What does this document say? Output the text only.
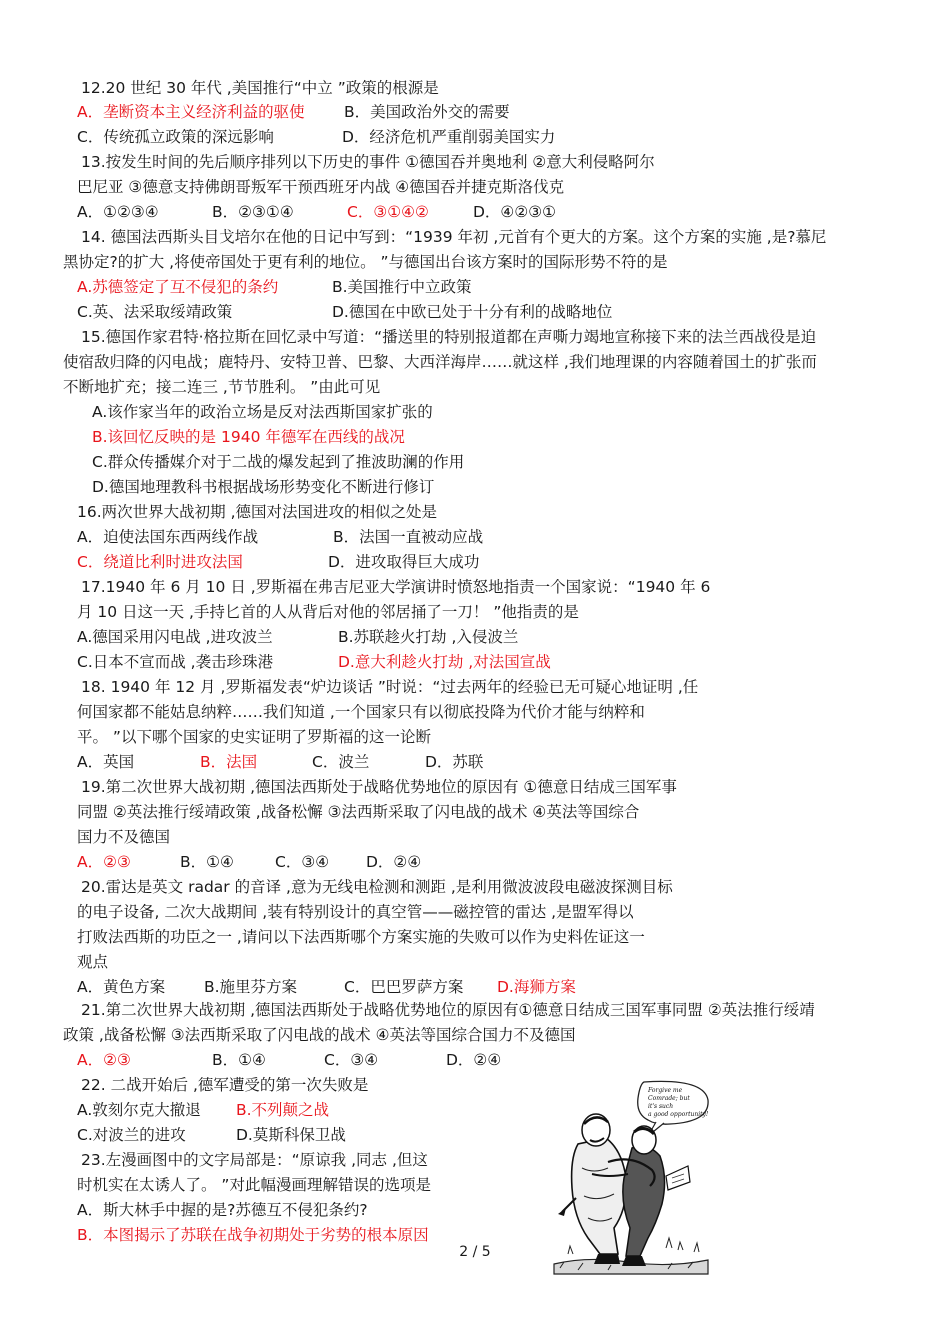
12.20 世纪 30 年代 ,美国推行“中立 ”政策的根源是
A．垄断资本主义经济利益的驱使	B．美国政治外交的需要
C．传统孤立政策的深远影响	D．经济危机严重削弱美国实力
13.按发生时间的先后顺序排列以下历史的事件 ①德国吞并奥地利 ②意大利侵略阿尔
巴尼亚 ③德意支持佛朗哥叛军干预西班牙内战 ④德国吞并捷克斯洛伐克
A．①②③④	B．②③①④	C．③①④②	D．④②③①
14. 德国法西斯头目戈培尔在他的日记中写到：“1939 年初 ,元首有个更大的方案。这个方案的实施 ,是?慕尼
黑协定?的扩大 ,将使帝国处于更有利的地位。 ”与德国出台该方案时的国际形势不符的是
A.苏德签定了互不侵犯的条约	B.美国推行中立政策
C.英、法采取绥靖政策	D.德国在中欧已处于十分有利的战略地位
15.德国作家君特·格拉斯在回忆录中写道：“播送里的特别报道都在声嘶力竭地宣称接下来的法兰西战役是迫
使宿敌归降的闪电战；鹿特丹、安特卫普、巴黎、大西洋海岸……就这样 ,我们地理课的内容随着国土的扩张而
不断地扩充；接二连三 ,节节胜利。 ”由此可见
A.该作家当年的政治立场是反对法西斯国家扩张的
B.该回忆反映的是 1940 年德军在西线的战况
C.群众传播媒介对于二战的爆发起到了推波助澜的作用
D.德国地理教科书根据战场形势变化不断进行修订
16.两次世界大战初期 ,德国对法国进攻的相似之处是
A．迫使法国东西两线作战	B．法国一直被动应战
C．绕道比利时进攻法国	D．进攻取得巨大成功
17.1940 年 6 月 10 日 ,罗斯福在弗吉尼亚大学演讲时愤怒地指责一个国家说：“1940 年 6
月 10 日这一天 ,手持匕首的人从背后对他的邻居捅了一刀！ ”他指责的是
A.德国采用闪电战 ,进攻波兰	B.苏联趁火打劫 ,入侵波兰
C.日本不宣而战 ,袭击珍珠港	D.意大利趁火打劫 ,对法国宣战
18. 1940 年 12 月 ,罗斯福发表“炉边谈话 ”时说：“过去两年的经验已无可疑心地证明 ,任
何国家都不能姑息纳粹……我们知道 ,一个国家只有以彻底投降为代价才能与纳粹和
平。 ”以下哪个国家的史实证明了罗斯福的这一论断
A．英国	B．法国	C．波兰	D．苏联
19.第二次世界大战初期 ,德国法西斯处于战略优势地位的原因有 ①德意日结成三国军事
同盟 ②英法推行绥靖政策 ,战备松懈 ③法西斯采取了闪电战的战术 ④英法等国综合
国力不及德国
A．②③	B．①④	C．③④ D．②④
20.雷达是英文 radar 的音译 ,意为无线电检测和测距 ,是利用微波波段电磁波探测目标
的电子设备, 二次大战期间 ,装有特别设计的真空管——磁控管的雷达 ,是盟军得以
打败法西斯的功臣之一 ,请问以下法西斯哪个方案实施的失败可以作为史料佐证这一
观点
A．黄色方案	B.施里芬方案	C．巴巴罗萨方案 D.海狮方案
21.第二次世界大战初期 ,德国法西斯处于战略优势地位的原因有①德意日结成三国军事同盟 ②英法推行绥靖
政策 ,战备松懈 ③法西斯采取了闪电战的战术 ④英法等国综合国力不及德国
A．②③	B．①④	C．③④	D．②④
22. 二战开始后 ,德军遭受的第一次失败是
A.敦刻尔克大撤退 B.不列颠之战
C.对波兰的进攻	D.莫斯科保卫战
23.左漫画图中的文字局部是：“原谅我 ,同志 ,但这
时机实在太诱人了。 ”对此幅漫画理解错误的选项是
A．斯大林手中握的是?苏德互不侵犯条约?
B．本图揭示了苏联在战争初期处于劣势的根本原因
Forgive me
Comrade; but
it's such
a good opportunity!
2 / 5
